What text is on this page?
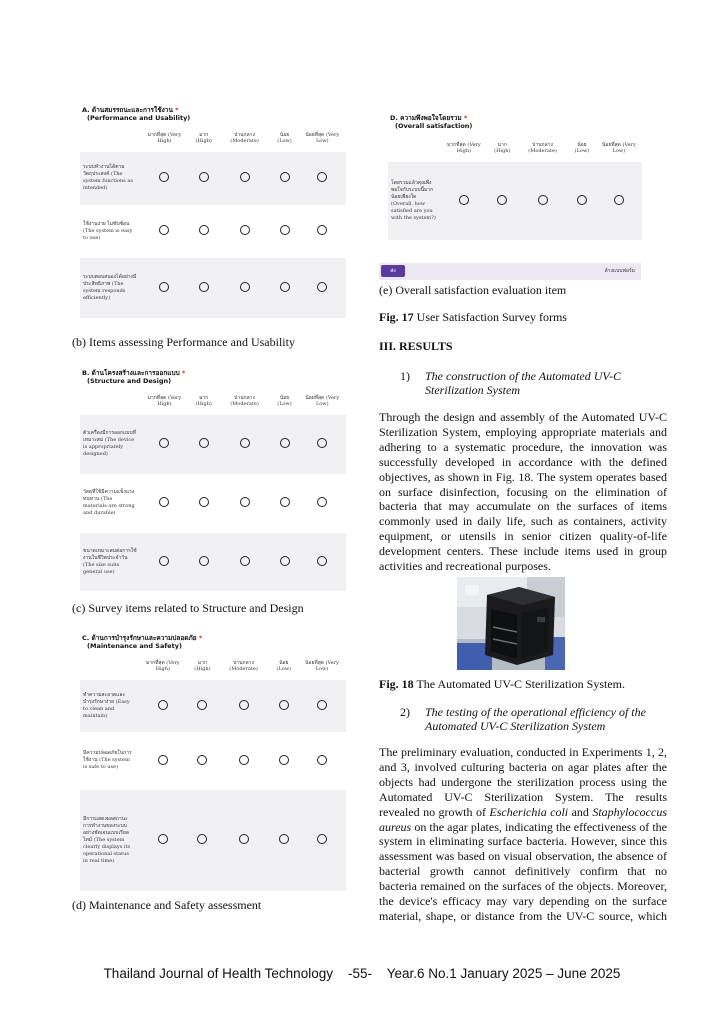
A. ด้านสมรรถนะและการใช้งาน *
(Performance and Usability)
	มากที่สุด (Very High)	มาก (High)	ปานกลาง (Moderate)	น้อย (Low)	น้อยที่สุด (Very Low)
ระบบทำงานได้ตามวัตถุประสงค์ (The system functions as intended)					
ใช้งานง่าย ไม่ซับซ้อน (The system is easy to use)					
ระบบตอบสนองได้อย่างมีประสิทธิภาพ (The system responds efficiently)					
(b) Items assessing Performance and Usability
B. ด้านโครงสร้างและการออกแบบ *
(Structure and Design)
	มากที่สุด (Very High)	มาก (High)	ปานกลาง (Moderate)	น้อย (Low)	น้อยที่สุด (Very Low)
ตัวเครื่องมีการออกแบบที่เหมาะสม (The device is appropriately designed)					
วัสดุที่ใช้มีความแข็งแรง ทนทาน (The materials are strong and durable)					
ขนาดเหมาะสมต่อการใช้งานในชีวิตประจำวัน (The size suits general use)					
(c) Survey items related to Structure and Design
C. ด้านการบำรุงรักษาและความปลอดภัย *
(Maintenance and Safety)
	มากที่สุด (Very High)	มาก (High)	ปานกลาง (Moderate)	น้อย (Low)	น้อยที่สุด (Very Low)
ทำความสะอาดและบำรุงรักษาง่าย (Easy to clean and maintain)					
มีความปลอดภัยในการใช้งาน (The system is safe to use)					
มีการแสดงผลสถานะการทำงานของระบบอย่างชัดเจนแบบเรียลไทม์ (The system clearly displays its operational status in real time)					
(d) Maintenance and Safety assessment
D. ความพึงพอใจโดยรวม *
(Overall satisfaction)
	มากที่สุด (Very High)	มาก (High)	ปานกลาง (Moderate)	น้อย (Low)	น้อยที่สุด (Very Low)
โดยรวมแล้วคุณพึงพอใจกับระบบนี้มากน้อยเพียงใด (Overall, how satisfied are you with the system?)					
ส่ง	ล้างแบบฟอร์ม
(e) Overall satisfaction evaluation item
Fig. 17 User Satisfaction Survey forms
III. RESULTS
1) The construction of the Automated UV-C
Sterilization System
Through the design and assembly of the Automated UV-C
Sterilization System, employing appropriate materials and
adhering to a systematic procedure, the innovation was
successfully developed in accordance with the defined
objectives, as shown in Fig. 18. The system operates based
on surface disinfection, focusing on the elimination of
bacteria that may accumulate on the surfaces of items
commonly used in daily life, such as containers, activity
equipment, or utensils in senior citizen quality-of-life
development centers. These include items used in group
activities and recreational purposes.
Fig. 18 The Automated UV-C Sterilization System.
2) The testing of the operational efficiency of the
Automated UV-C Sterilization System
The preliminary evaluation, conducted in Experiments 1, 2,
and 3, involved culturing bacteria on agar plates after the
objects had undergone the sterilization process using the
Automated UV-C Sterilization System. The results
revealed no growth of Escherichia coli and Staphylococcus
aureus on the agar plates, indicating the effectiveness of the
system in eliminating surface bacteria. However, since this
assessment was based on visual observation, the absence of
bacterial growth cannot definitively confirm that no
bacteria remained on the surfaces of the objects. Moreover,
the device's efficacy may vary depending on the surface
material, shape, or distance from the UV-C source, which
Thailand Journal of Health Technology    -55-    Year.6 No.1 January 2025 – June 2025
